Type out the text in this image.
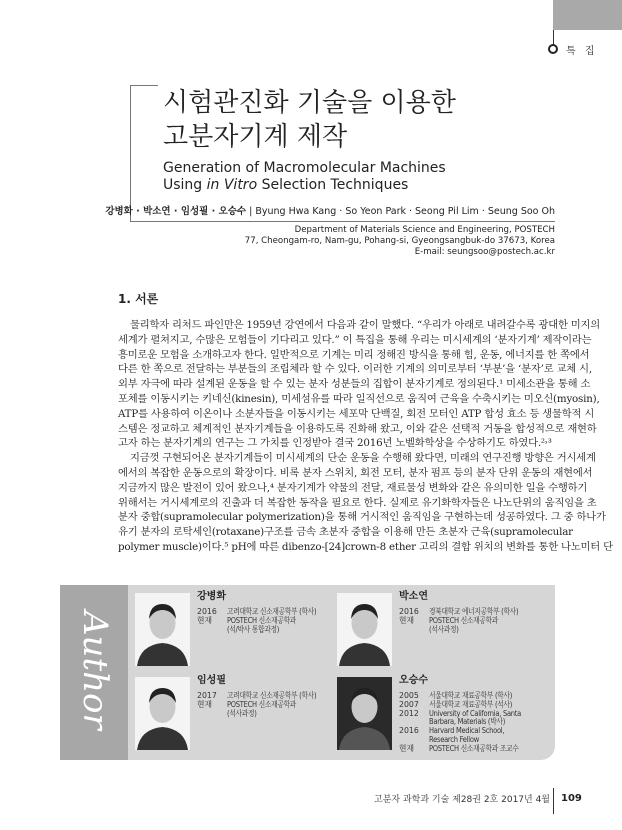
특 집
시험관진화 기술을 이용한
고분자기계 제작
Generation of Macromolecular Machines
Using in Vitro Selection Techniques
강병화 · 박소연 · 임성필 · 오승수 | Byung Hwa Kang · So Yeon Park · Seong Pil Lim · Seung Soo Oh
Department of Materials Science and Engineering, POSTECH
77, Cheongam-ro, Nam-gu, Pohang-si, Gyeongsangbuk-do 37673, Korea
E-mail: seungsoo@postech.ac.kr
1. 서론
물리학자 리처드 파인만은 1959년 강연에서 다음과 같이 말했다. “우리가 아래로 내려갈수록 광대한 미지의
세계가 펼쳐지고, 수많은 모험들이 기다리고 있다.” 이 특집을 통해 우리는 미시세계의 ‘분자기계’ 제작이라는
흥미로운 모험을 소개하고자 한다. 일반적으로 기계는 미리 정해진 방식을 통해 힘, 운동, 에너지를 한 쪽에서
다른 한 쪽으로 전달하는 부분들의 조립체라 할 수 있다. 이러한 기계의 의미로부터 ‘부분’을 ‘분자’로 교체 시,
외부 자극에 따라 설계된 운동을 할 수 있는 분자 성분들의 집합이 분자기계로 정의된다.¹ 미세소관을 통해 소
포체를 이동시키는 키네신(kinesin), 미세섬유를 따라 일직선으로 움직여 근육을 수축시키는 미오신(myosin),
ATP를 사용하여 이온이나 소분자들을 이동시키는 세포막 단백질, 회전 모터인 ATP 합성 효소 등 생물학적 시
스템은 정교하고 체계적인 분자기계들을 이용하도록 진화해 왔고, 이와 같은 선택적 거동을 합성적으로 재현하
고자 하는 분자기계의 연구는 그 가치를 인정받아 결국 2016년 노벨화학상을 수상하기도 하였다.²˒³
지금껏 구현되어온 분자기계들이 미시세계의 단순 운동을 수행해 왔다면, 미래의 연구진행 방향은 거시세계
에서의 복잡한 운동으로의 확장이다. 비록 분자 스위치, 회전 모터, 분자 펌프 등의 분자 단위 운동의 재현에서
지금까지 많은 발전이 있어 왔으나,⁴ 분자기계가 약물의 전달, 재료물성 변화와 같은 유의미한 일을 수행하기
위해서는 거시세계로의 진출과 더 복잡한 동작을 필요로 한다. 실제로 유기화학자들은 나노단위의 움직임을 초
분자 중합(supramolecular polymerization)을 통해 거시적인 움직임을 구현하는데 성공하였다. 그 중 하나가
유기 분자의 로탁세인(rotaxane)구조를 금속 초분자 중합을 이용해 만든 초분자 근육(supramolecular
polymer muscle)이다.⁵ pH에 따른 dibenzo-[24]crown-8 ether 고리의 결합 위치의 변화를 통한 나노미터 단
Author
강병화
2016 고려대학교 신소재공학부 (학사)
현재 POSTECH 신소재공학과
(석/박사 통합과정)
박소연
2016 경북대학교 에너지공학부 (학사)
현재 POSTECH 신소재공학과
(석사과정)
임성필
2017 고려대학교 신소재공학부 (학사)
현재 POSTECH 신소재공학과
(석사과정)
오승수
2005 서울대학교 재료공학부 (학사)
2007 서울대학교 재료공학부 (석사)
2012 University of California, Santa
Barbara, Materials (박사)
2016 Harvard Medical School,
Research Fellow
현재 POSTECH 신소재공학과 조교수
고분자 과학과 기술 제28권 2호 2017년 4월 109
